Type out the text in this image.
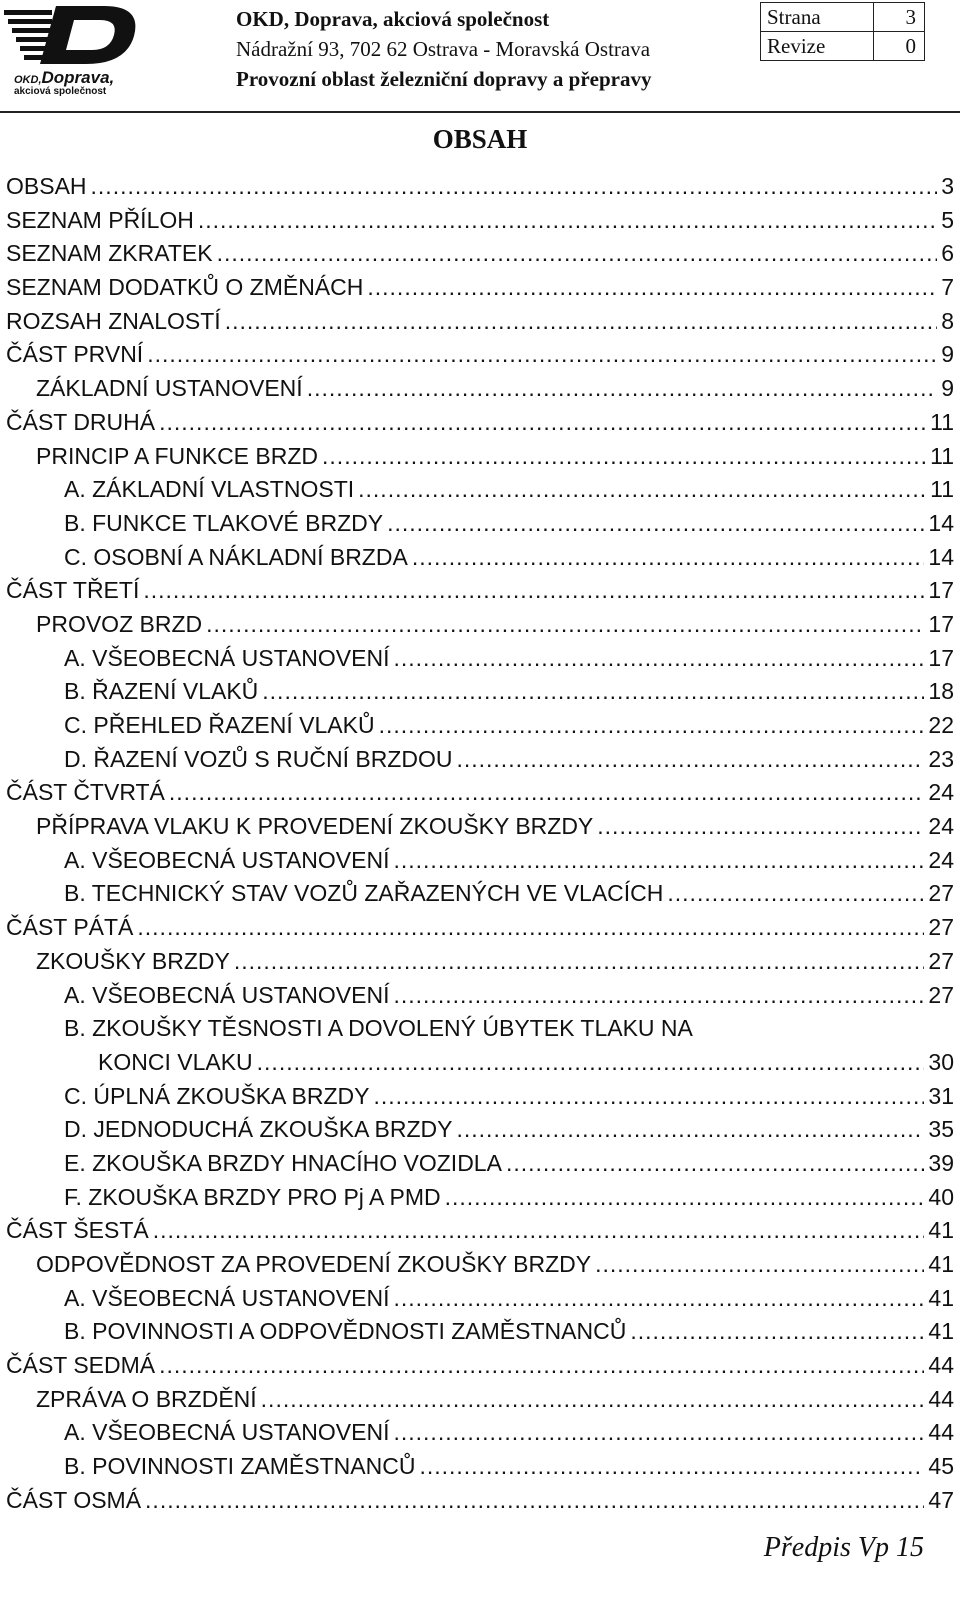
OKD,Doprava,
akciová společnost
OKD, Doprava, akciová společnost
Nádražní 93, 702 62 Ostrava - Moravská Ostrava
Provozní oblast železniční dopravy a přepravy
Strana	3
Revize	0
OBSAH
OBSAH .....	3
SEZNAM PŘÍLOH .....	5
SEZNAM ZKRATEK .....	6
SEZNAM DODATKŮ O ZMĚNÁCH .....	7
ROZSAH ZNALOSTÍ .....	8
ČÁST PRVNÍ .....	9
ZÁKLADNÍ USTANOVENÍ .....	9
ČÁST DRUHÁ .....	11
PRINCIP A FUNKCE BRZD .....	11
A. ZÁKLADNÍ VLASTNOSTI .....	11
B. FUNKCE TLAKOVÉ BRZDY .....	14
C. OSOBNÍ A NÁKLADNÍ BRZDA .....	14
ČÁST TŘETÍ .....	17
PROVOZ BRZD .....	17
A. VŠEOBECNÁ USTANOVENÍ .....	17
B. ŘAZENÍ VLAKŮ .....	18
C. PŘEHLED ŘAZENÍ VLAKŮ .....	22
D. ŘAZENÍ VOZŮ S RUČNÍ BRZDOU .....	23
ČÁST ČTVRTÁ .....	24
PŘÍPRAVA VLAKU K PROVEDENÍ ZKOUŠKY BRZDY .....	24
A. VŠEOBECNÁ USTANOVENÍ .....	24
B. TECHNICKÝ STAV VOZŮ ZAŘAZENÝCH VE VLACÍCH .....	27
ČÁST PÁTÁ .....	27
ZKOUŠKY BRZDY .....	27
A. VŠEOBECNÁ USTANOVENÍ .....	27
B. ZKOUŠKY TĚSNOSTI A DOVOLENÝ ÚBYTEK TLAKU NA
KONCI VLAKU .....	30
C. ÚPLNÁ ZKOUŠKA BRZDY .....	31
D. JEDNODUCHÁ ZKOUŠKA BRZDY .....	35
E. ZKOUŠKA BRZDY HNACÍHO VOZIDLA .....	39
F. ZKOUŠKA BRZDY PRO Pj A PMD .....	40
ČÁST ŠESTÁ .....	41
ODPOVĚDNOST ZA PROVEDENÍ ZKOUŠKY BRZDY .....	41
A. VŠEOBECNÁ USTANOVENÍ .....	41
B. POVINNOSTI A ODPOVĚDNOSTI ZAMĚSTNANCŮ .....	41
ČÁST SEDMÁ .....	44
ZPRÁVA O BRZDĚNÍ .....	44
A. VŠEOBECNÁ USTANOVENÍ .....	44
B. POVINNOSTI ZAMĚSTNANCŮ .....	45
ČÁST OSMÁ .....	47
Předpis Vp 15
